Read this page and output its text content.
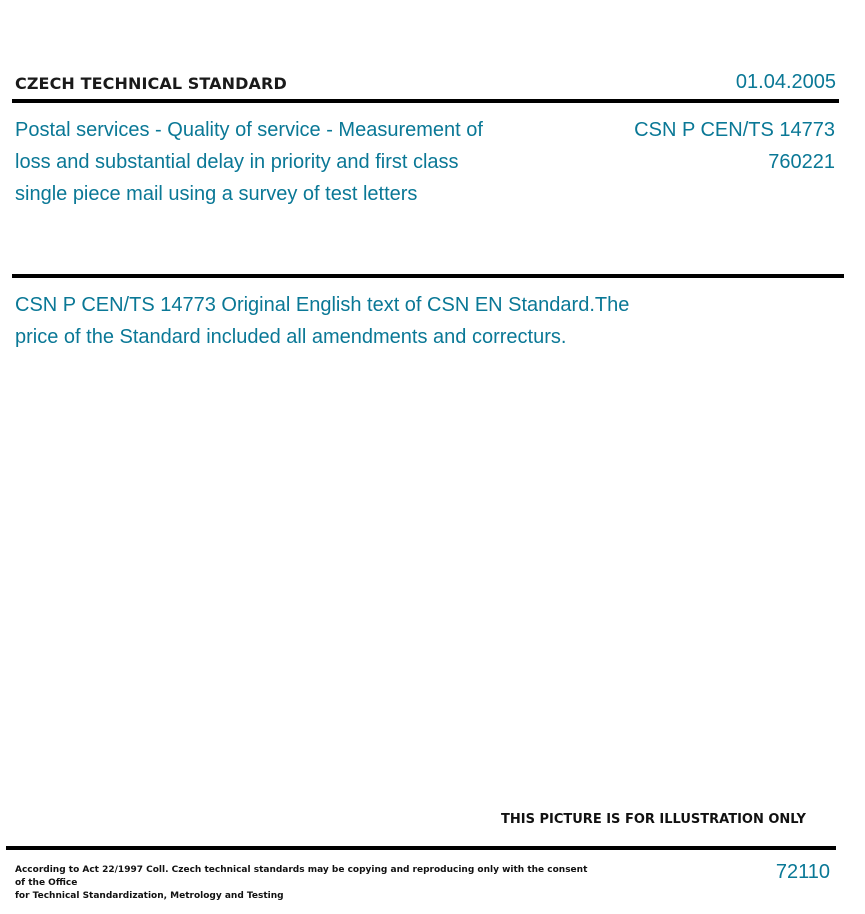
CZECH TECHNICAL STANDARD	01.04.2005
Postal services - Quality of service - Measurement of
loss and substantial delay in priority and first class
single piece mail using a survey of test letters
CSN P CEN/TS 14773
760221
CSN P CEN/TS 14773 Original English text of CSN EN Standard.The
price of the Standard included all amendments and correcturs.
THIS PICTURE IS FOR ILLUSTRATION ONLY
According to Act 22/1997 Coll. Czech technical standards may be copying and reproducing only with the consent of the Office
for Technical Standardization, Metrology and Testing
72110
